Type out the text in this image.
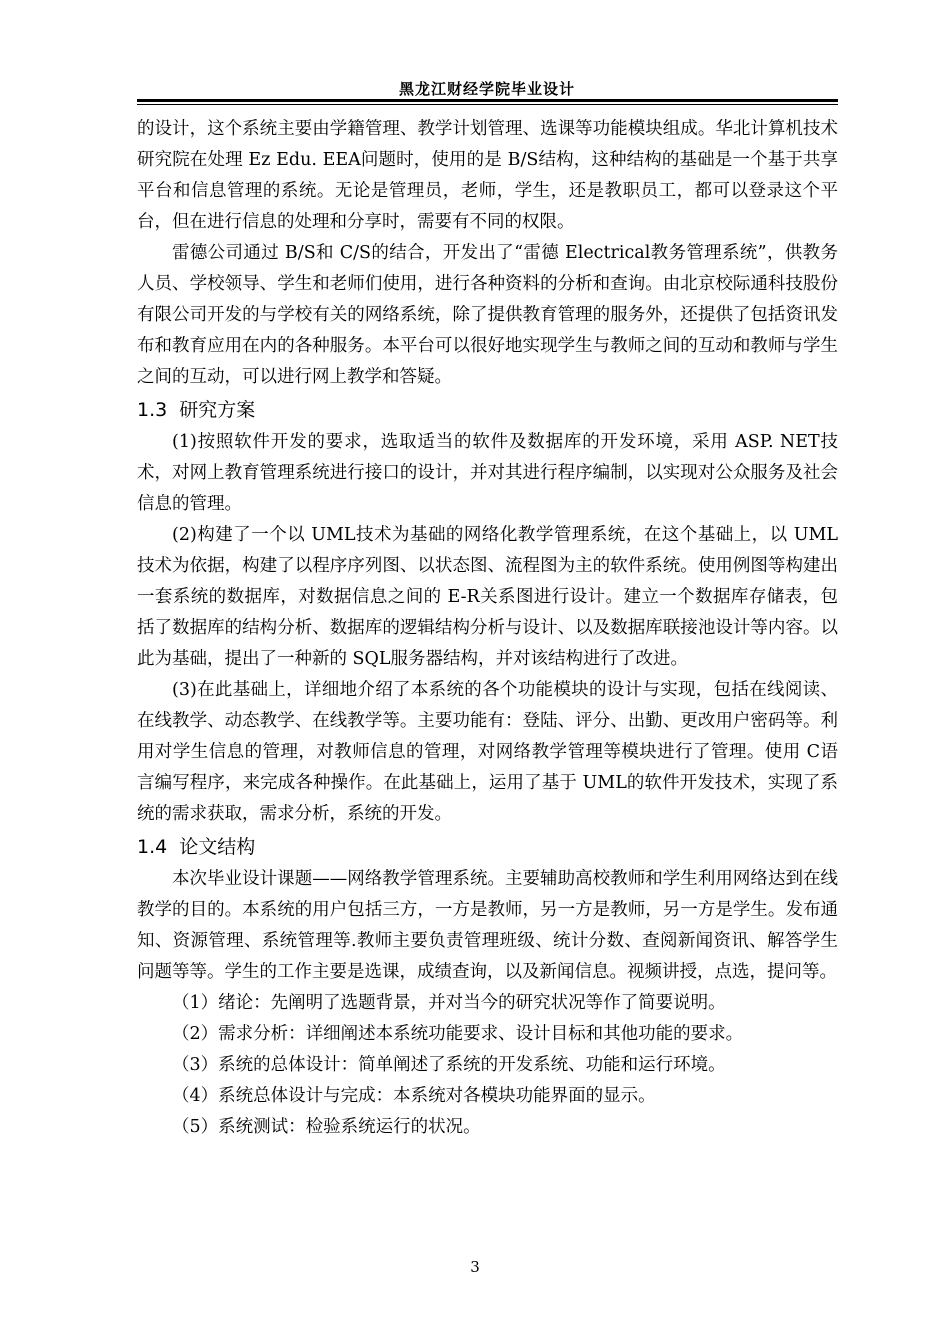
黑龙江财经学院毕业设计

的设计，这个系统主要由学籍管理、教学计划管理、选课等功能模块组成。华北计算机技术研究院在处理 Ez Edu. EEA问题时，使用的是 B/S结构，这种结构的基础是一个基于共享平台和信息管理的系统。无论是管理员，老师，学生，还是教职员工，都可以登录这个平台，但在进行信息的处理和分享时，需要有不同的权限。

雷德公司通过 B/S和 C/S的结合，开发出了“雷德 Electrical教务管理系统”，供教务人员、学校领导、学生和老师们使用，进行各种资料的分析和查询。由北京校际通科技股份有限公司开发的与学校有关的网络系统，除了提供教育管理的服务外，还提供了包括资讯发布和教育应用在内的各种服务。本平台可以很好地实现学生与教师之间的互动和教师与学生之间的互动，可以进行网上教学和答疑。

1.3 研究方案

(1)按照软件开发的要求，选取适当的软件及数据库的开发环境，采用 ASP. NET技术，对网上教育管理系统进行接口的设计，并对其进行程序编制，以实现对公众服务及社会信息的管理。

(2)构建了一个以 UML技术为基础的网络化教学管理系统，在这个基础上，以 UML技术为依据，构建了以程序序列图、以状态图、流程图为主的软件系统。使用例图等构建出一套系统的数据库，对数据信息之间的 E-R关系图进行设计。建立一个数据库存储表，包括了数据库的结构分析、数据库的逻辑结构分析与设计、以及数据库联接池设计等内容。以此为基础，提出了一种新的 SQL服务器结构，并对该结构进行了改进。

(3)在此基础上，详细地介绍了本系统的各个功能模块的设计与实现，包括在线阅读、在线教学、动态教学、在线教学等。主要功能有：登陆、评分、出勤、更改用户密码等。利用对学生信息的管理，对教师信息的管理，对网络教学管理等模块进行了管理。使用 C语言编写程序，来完成各种操作。在此基础上，运用了基于 UML的软件开发技术，实现了系统的需求获取，需求分析，系统的开发。

1.4 论文结构

本次毕业设计课题——网络教学管理系统。主要辅助高校教师和学生利用网络达到在线教学的目的。本系统的用户包括三方，一方是教师，另一方是教师，另一方是学生。发布通知、资源管理、系统管理等.教师主要负责管理班级、统计分数、查阅新闻资讯、解答学生问题等等。学生的工作主要是选课，成绩查询，以及新闻信息。视频讲授，点选，提问等。

（1）绪论：先阐明了选题背景，并对当今的研究状况等作了简要说明。

（2）需求分析：详细阐述本系统功能要求、设计目标和其他功能的要求。

（3）系统的总体设计：简单阐述了系统的开发系统、功能和运行环境。

（4）系统总体设计与完成：本系统对各模块功能界面的显示。

（5）系统测试：检验系统运行的状况。

3
